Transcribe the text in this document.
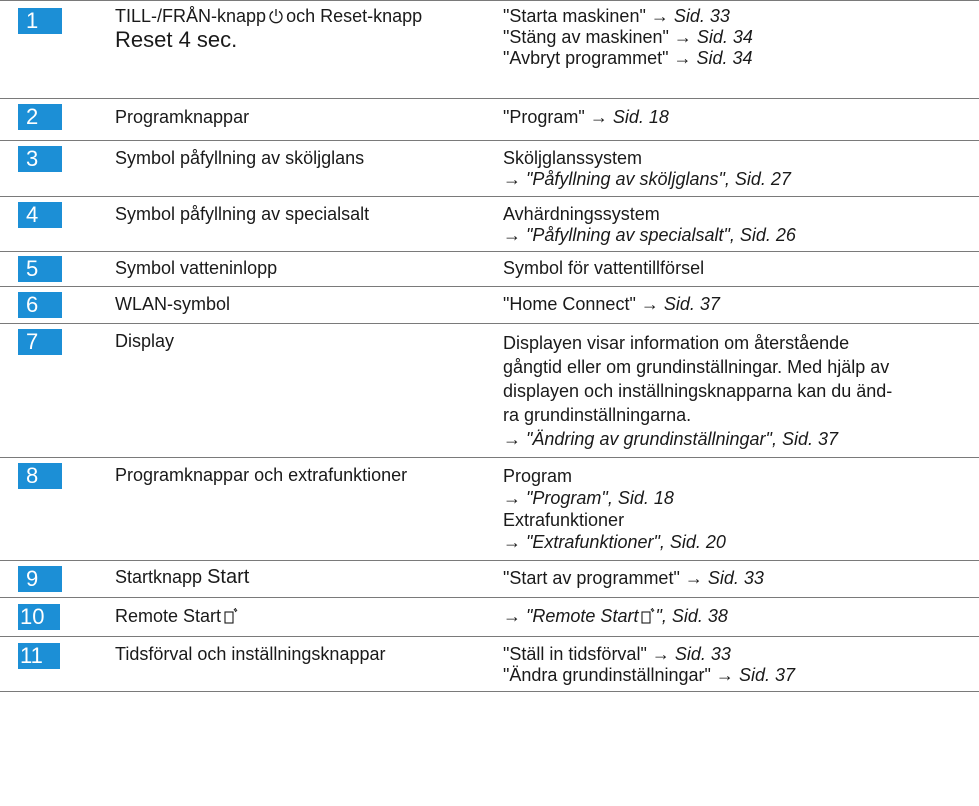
1	TILL-/FRÅN-knapp och Reset-knapp
Reset 4 sec.
"Starta maskinen" → Sid. 33
"Stäng av maskinen" → Sid. 34
"Avbryt programmet" → Sid. 34
2	Programknappar	"Program" → Sid. 18
3	Symbol påfyllning av sköljglans	Sköljglanssystem
→ "Påfyllning av sköljglans", Sid. 27
4	Symbol påfyllning av specialsalt	Avhärdningssystem
→ "Påfyllning av specialsalt", Sid. 26
5	Symbol vatteninlopp	Symbol för vattentillförsel
6	WLAN-symbol	"Home Connect" → Sid. 37
7	Display	Displayen visar information om återstående
gångtid eller om grundinställningar. Med hjälp av
displayen och inställningsknapparna kan du änd-
ra grundinställningarna.
→ "Ändring av grundinställningar", Sid. 37
8	Programknappar och extrafunktioner	Program
→ "Program", Sid. 18
Extrafunktioner
→ "Extrafunktioner", Sid. 20
9	Startknapp Start	"Start av programmet" → Sid. 33
10	Remote Start	→ "Remote Start ", Sid. 38
11	Tidsförval och inställningsknappar	"Ställ in tidsförval" → Sid. 33
"Ändra grundinställningar" → Sid. 37
